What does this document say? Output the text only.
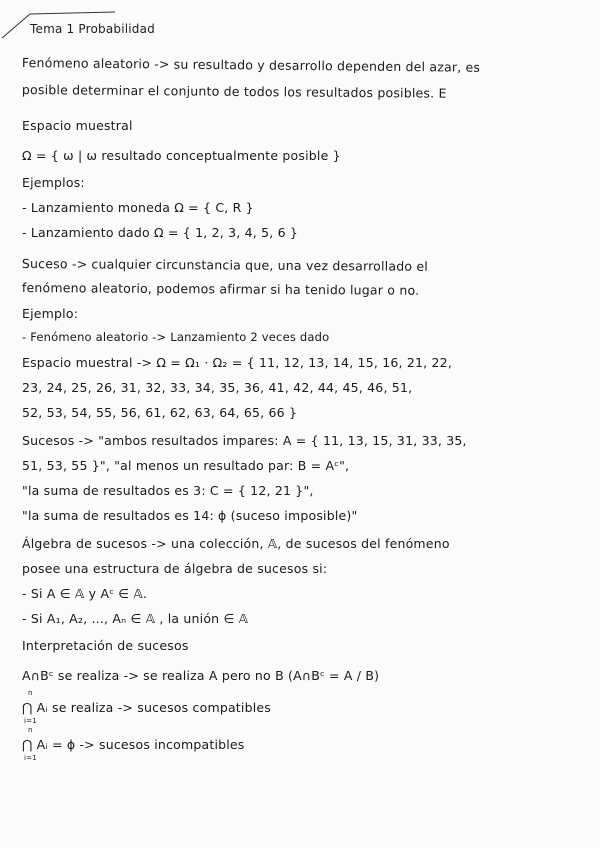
Tema 1 Probabilidad
Fenómeno aleatorio -> su resultado y desarrollo dependen del azar, es
posible determinar el conjunto de todos los resultados posibles. E
Espacio muestral
Ω = { ω | ω resultado conceptualmente posible }
Ejemplos:
- Lanzamiento moneda Ω = { C, R }
- Lanzamiento dado Ω = { 1, 2, 3, 4, 5, 6 }
Suceso -> cualquier circunstancia que, una vez desarrollado el
fenómeno aleatorio, podemos afirmar si ha tenido lugar o no.
Ejemplo:
- Fenómeno aleatorio -> Lanzamiento 2 veces dado
Espacio muestral -> Ω = Ω₁ · Ω₂ = { 11, 12, 13, 14, 15, 16, 21, 22,
23, 24, 25, 26, 31, 32, 33, 34, 35, 36, 41, 42, 44, 45, 46, 51,
52, 53, 54, 55, 56, 61, 62, 63, 64, 65, 66 }
Sucesos -> "ambos resultados impares: A = { 11, 13, 15, 31, 33, 35,
51, 53, 55 }", "al menos un resultado par: B = Aᶜ",
"la suma de resultados es 3: C = { 12, 21 }",
"la suma de resultados es 14: ϕ (suceso imposible)"
Álgebra de sucesos -> una colección, 𝔸, de sucesos del fenómeno
posee una estructura de álgebra de sucesos si:
- Si A ∈ 𝔸 y Aᶜ ∈ 𝔸.
- Si A₁, A₂, ..., Aₙ ∈ 𝔸 , la unión ∈ 𝔸
Interpretación de sucesos
A∩Bᶜ se realiza -> se realiza A pero no B (A∩Bᶜ = A / B)
n
⋂ Aᵢ se realiza -> sucesos compatibles
i=1
n
⋂ Aᵢ = ϕ -> sucesos incompatibles
i=1
